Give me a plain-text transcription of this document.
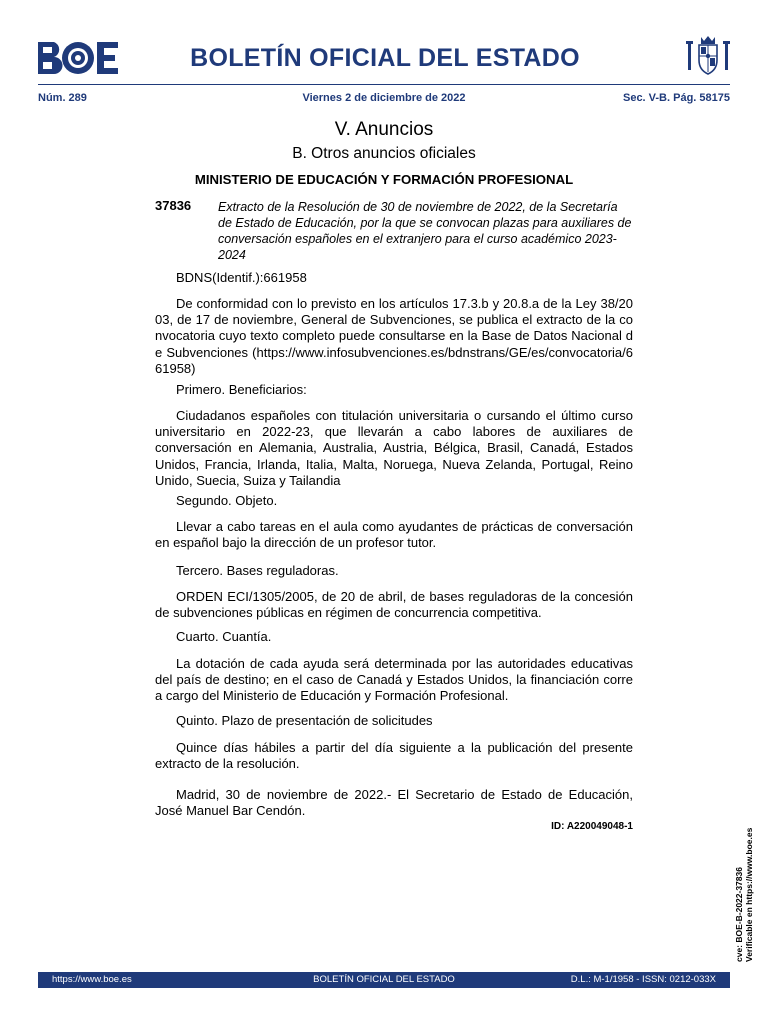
BOLETÍN OFICIAL DEL ESTADO
Núm. 289	Viernes 2 de diciembre de 2022	Sec. V-B. Pág. 58175
V. Anuncios
B. Otros anuncios oficiales
MINISTERIO DE EDUCACIÓN Y FORMACIÓN PROFESIONAL
37836 Extracto de la Resolución de 30 de noviembre de 2022, de la Secretaría de Estado de Educación, por la que se convocan plazas para auxiliares de conversación españoles en el extranjero para el curso académico 2023-2024

BDNS(Identif.):661958

De conformidad con lo previsto en los artículos 17.3.b y 20.8.a de la Ley 38/2003, de 17 de noviembre, General de Subvenciones, se publica el extracto de la convocatoria cuyo texto completo puede consultarse en la Base de Datos Nacional de Subvenciones (https://www.infosubvenciones.es/bdnstrans/GE/es/convocatoria/661958)

Primero. Beneficiarios:

Ciudadanos españoles con titulación universitaria o cursando el último curso universitario en 2022-23, que llevarán a cabo labores de auxiliares de conversación en Alemania, Australia, Austria, Bélgica, Brasil, Canadá, Estados Unidos, Francia, Irlanda, Italia, Malta, Noruega, Nueva Zelanda, Portugal, Reino Unido, Suecia, Suiza y Tailandia

Segundo. Objeto.

Llevar a cabo tareas en el aula como ayudantes de prácticas de conversación en español bajo la dirección de un profesor tutor.

Tercero. Bases reguladoras.

ORDEN ECI/1305/2005, de 20 de abril, de bases reguladoras de la concesión de subvenciones públicas en régimen de concurrencia competitiva.

Cuarto. Cuantía.

La dotación de cada ayuda será determinada por las autoridades educativas del país de destino; en el caso de Canadá y Estados Unidos, la financiación corre a cargo del Ministerio de Educación y Formación Profesional.

Quinto. Plazo de presentación de solicitudes

Quince días hábiles a partir del día siguiente a la publicación del presente extracto de la resolución.

Madrid, 30 de noviembre de 2022.- El Secretario de Estado de Educación, José Manuel Bar Cendón.

ID: A220049048-1
cve: BOE-B-2022-37836 Verificable en https://www.boe.es
https://www.boe.es	BOLETÍN OFICIAL DEL ESTADO	D.L.: M-1/1958 - ISSN: 0212-033X
